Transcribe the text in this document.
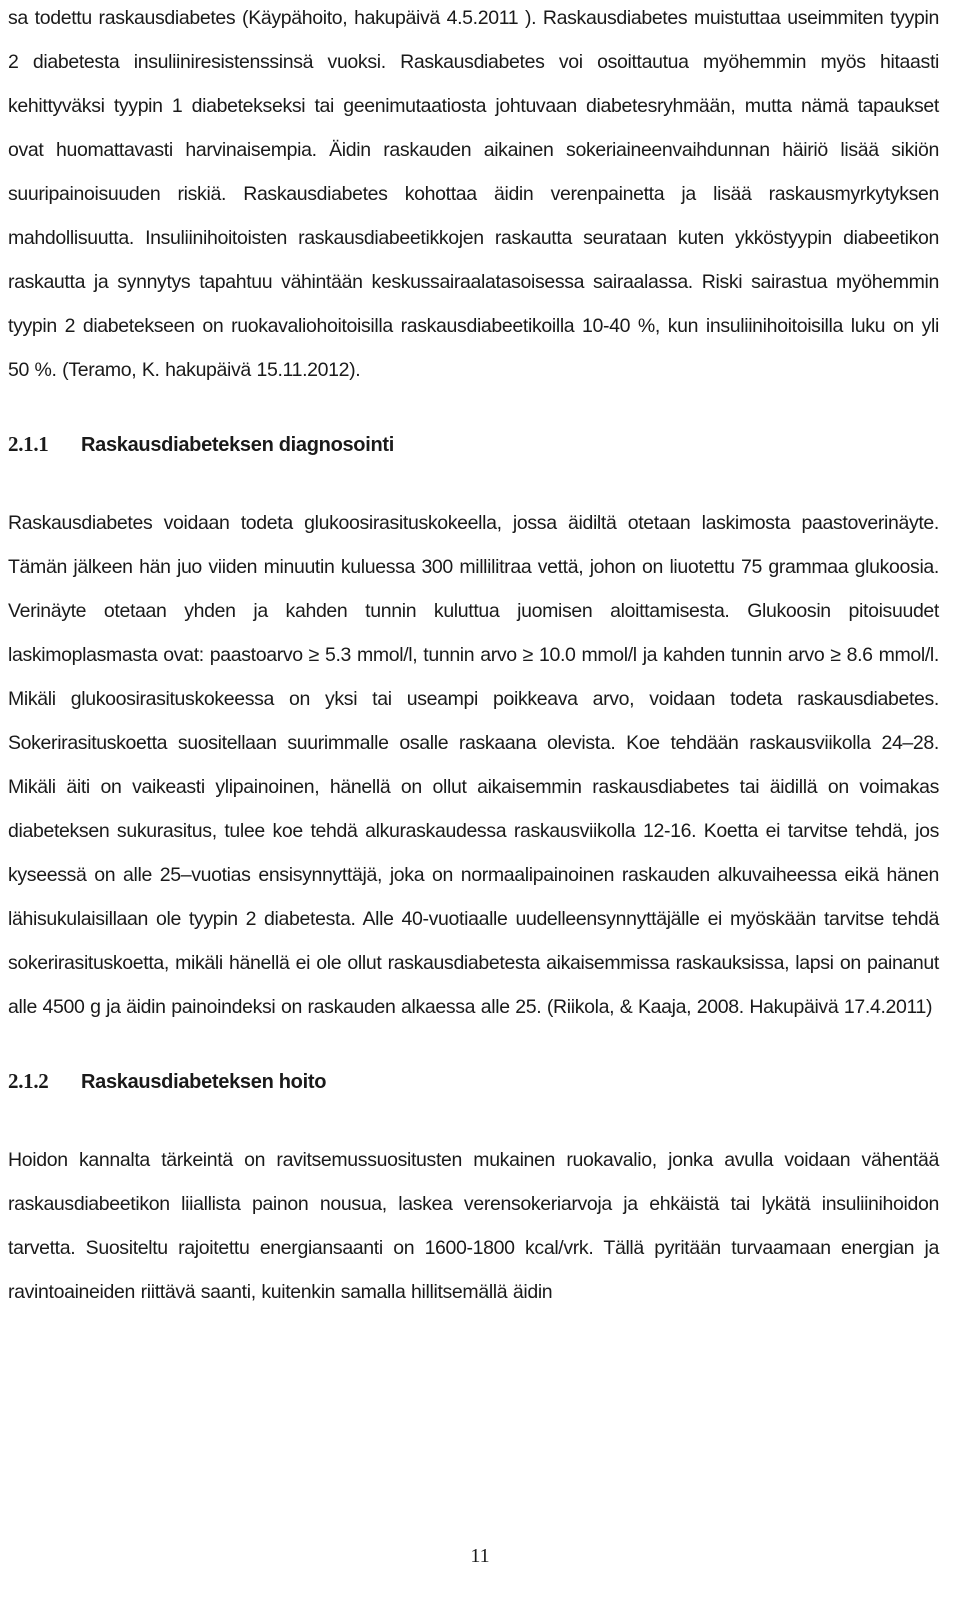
sa todettu raskausdiabetes (Käypähoito, hakupäivä 4.5.2011 ). Raskausdiabetes muistuttaa useimmiten tyypin 2 diabetesta insuliiniresistenssinsä vuoksi. Raskausdiabetes voi osoittautua myöhemmin myös hitaasti kehittyväksi tyypin 1 diabetekseksi tai geenimutaatiosta johtuvaan diabetesryhmään, mutta nämä tapaukset ovat huomattavasti harvinaisempia. Äidin raskauden aikainen sokeriaineenvaihdunnan häiriö lisää sikiön suuripainoisuuden riskiä. Raskausdiabetes kohottaa äidin verenpainetta ja lisää raskausmyrkytyksen mahdollisuutta. Insuliinihoitoisten raskausdiabeetikkojen raskautta seurataan kuten ykköstyypin diabeetikon raskautta ja synnytys tapahtuu vähintään keskussairaalatasoisessa sairaalassa. Riski sairastua myöhemmin tyypin 2 diabetekseen on ruokavaliohoitoisilla raskausdiabeetikoilla 10-40 %, kun insuliinihoitoisilla luku on yli 50 %. (Teramo, K. hakupäivä 15.11.2012).

2.1.1	Raskausdiabeteksen diagnosointi

Raskausdiabetes voidaan todeta glukoosirasituskokeella, jossa äidiltä otetaan laskimosta paastoverinäyte. Tämän jälkeen hän juo viiden minuutin kuluessa 300 millilitraa vettä, johon on liuotettu 75 grammaa glukoosia. Verinäyte otetaan yhden ja kahden tunnin kuluttua juomisen aloittamisesta. Glukoosin pitoisuudet laskimoplasmasta ovat: paastoarvo ≥ 5.3 mmol/l, tunnin arvo ≥ 10.0 mmol/l ja kahden tunnin arvo ≥ 8.6 mmol/l. Mikäli glukoosirasituskokeessa on yksi tai useampi poikkeava arvo, voidaan todeta raskausdiabetes. Sokerirasituskoetta suositellaan suurimmalle osalle raskaana olevista. Koe tehdään raskausviikolla 24–28. Mikäli äiti on vaikeasti ylipainoinen, hänellä on ollut aikaisemmin raskausdiabetes tai äidillä on voimakas diabeteksen sukurasitus, tulee koe tehdä alkuraskaudessa raskausviikolla 12-16. Koetta ei tarvitse tehdä, jos kyseessä on alle 25–vuotias ensisynnyttäjä, joka on normaalipainoinen raskauden alkuvaiheessa eikä hänen lähisukulaisillaan ole tyypin 2 diabetesta. Alle 40-vuotiaalle uudelleensynnyttäjälle ei myöskään tarvitse tehdä sokerirasituskoetta, mikäli hänellä ei ole ollut raskausdiabetesta aikaisemmissa raskauksissa, lapsi on painanut alle 4500 g ja äidin painoindeksi on raskauden alkaessa alle 25. (Riikola, & Kaaja, 2008. Hakupäivä 17.4.2011)

2.1.2	Raskausdiabeteksen hoito

Hoidon kannalta tärkeintä on ravitsemussuositusten mukainen ruokavalio, jonka avulla voidaan vähentää raskausdiabeetikon liiallista painon nousua, laskea verensokeriarvoja ja ehkäistä tai lykätä insuliinihoidon tarvetta. Suositeltu rajoitettu energiansaanti on 1600-1800 kcal/vrk. Tällä pyritään turvaamaan energian ja ravintoaineiden riittävä saanti, kuitenkin samalla hillitsemällä äidin

11
